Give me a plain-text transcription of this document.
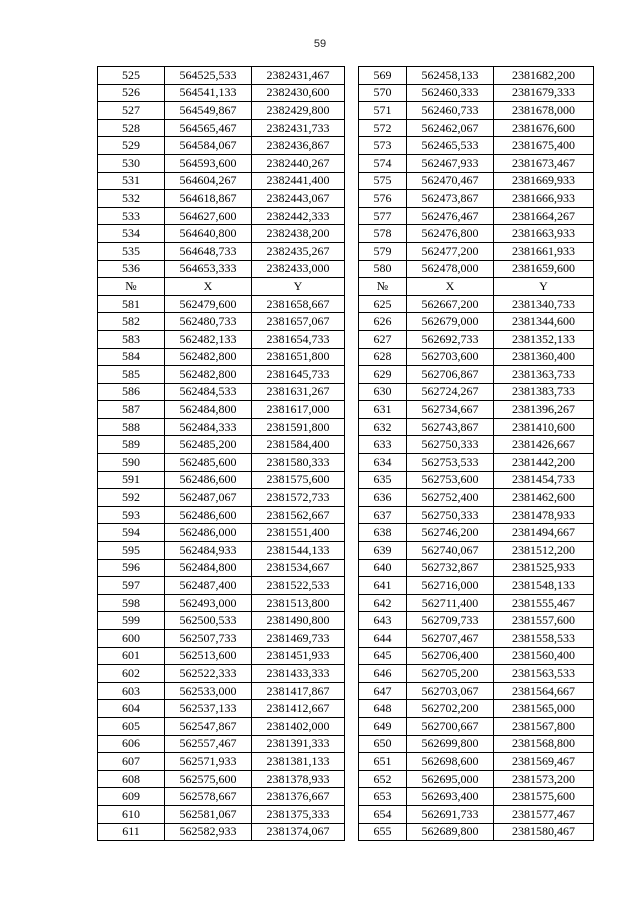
59
525	564525,533	2382431,467		569	562458,133	2381682,200
526	564541,133	2382430,600		570	562460,333	2381679,333
527	564549,867	2382429,800		571	562460,733	2381678,000
528	564565,467	2382431,733		572	562462,067	2381676,600
529	564584,067	2382436,867		573	562465,533	2381675,400
530	564593,600	2382440,267		574	562467,933	2381673,467
531	564604,267	2382441,400		575	562470,467	2381669,933
532	564618,867	2382443,067		576	562473,867	2381666,933
533	564627,600	2382442,333		577	562476,467	2381664,267
534	564640,800	2382438,200		578	562476,800	2381663,933
535	564648,733	2382435,267		579	562477,200	2381661,933
536	564653,333	2382433,000		580	562478,000	2381659,600
№	X	Y		№	X	Y
581	562479,600	2381658,667		625	562667,200	2381340,733
582	562480,733	2381657,067		626	562679,000	2381344,600
583	562482,133	2381654,733		627	562692,733	2381352,133
584	562482,800	2381651,800		628	562703,600	2381360,400
585	562482,800	2381645,733		629	562706,867	2381363,733
586	562484,533	2381631,267		630	562724,267	2381383,733
587	562484,800	2381617,000		631	562734,667	2381396,267
588	562484,333	2381591,800		632	562743,867	2381410,600
589	562485,200	2381584,400		633	562750,333	2381426,667
590	562485,600	2381580,333		634	562753,533	2381442,200
591	562486,600	2381575,600		635	562753,600	2381454,733
592	562487,067	2381572,733		636	562752,400	2381462,600
593	562486,600	2381562,667		637	562750,333	2381478,933
594	562486,000	2381551,400		638	562746,200	2381494,667
595	562484,933	2381544,133		639	562740,067	2381512,200
596	562484,800	2381534,667		640	562732,867	2381525,933
597	562487,400	2381522,533		641	562716,000	2381548,133
598	562493,000	2381513,800		642	562711,400	2381555,467
599	562500,533	2381490,800		643	562709,733	2381557,600
600	562507,733	2381469,733		644	562707,467	2381558,533
601	562513,600	2381451,933		645	562706,400	2381560,400
602	562522,333	2381433,333		646	562705,200	2381563,533
603	562533,000	2381417,867		647	562703,067	2381564,667
604	562537,133	2381412,667		648	562702,200	2381565,000
605	562547,867	2381402,000		649	562700,667	2381567,800
606	562557,467	2381391,333		650	562699,800	2381568,800
607	562571,933	2381381,133		651	562698,600	2381569,467
608	562575,600	2381378,933		652	562695,000	2381573,200
609	562578,667	2381376,667		653	562693,400	2381575,600
610	562581,067	2381375,333		654	562691,733	2381577,467
611	562582,933	2381374,067		655	562689,800	2381580,467
